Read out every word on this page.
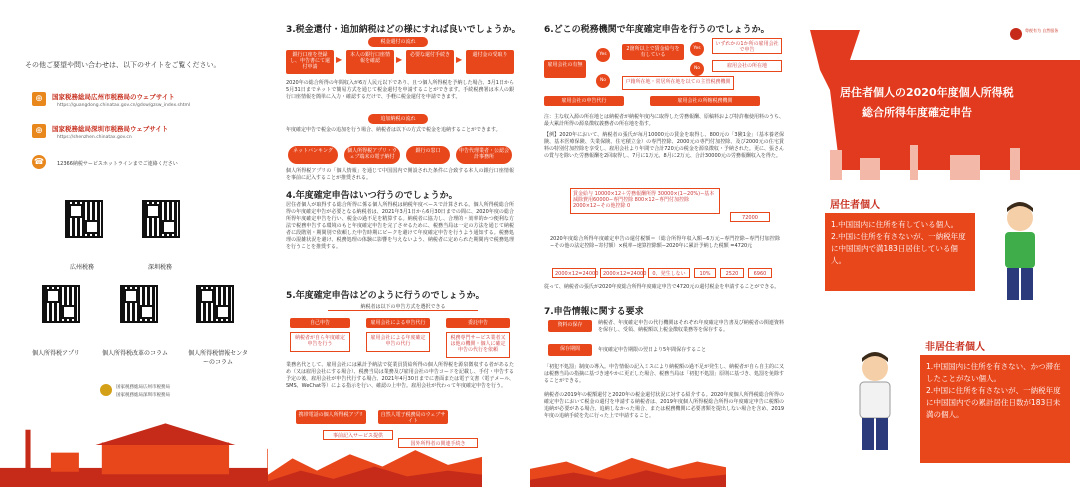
その他ご要望や問い合わせは、以下のサイトをご覧ください。
⊕	国家税務総局広州市税務局のウェブサイト
https://guangdong.chinatax.gov.cn/gdsw/gzsw_index.shtml
⊕	国家税務総局深圳市税務局ウェブサイト
https://shenzhen.chinatax.gov.cn
☎	12366納税サービスホットラインまでご連絡ください
広州税務	深圳税務
個人所得税アプリ	個人所得税改革のコラム	個人所得税情報センターのコラム
国家税務総局広州市税務局
国家税務総局深圳市税務局
3.税金還付・追加納税はどの様にすれば良いでしょうか。
税金還付の流れ
銀行口座を登録し、申告書にて還付申請
▶	本人の銀行口座情報を確認	▶	必要な還付手続き ▶	還付金の受取り
2020年の総合所得の年間収入が6万人民元以下であり、且つ個人所得税を予納した場合、3月1日から5月31日までネットで簡易方式を通じて税金還付を申請することができます。手続税務署は本人の銀行口座情報を簡単に入力・確認するだけで、手軽に税金還付を申請できます。
追加納税の流れ
年度確定申告で税金の追加を行う場合、納税者は以下の方式で税金を追納することができます。
ネットバンキング	個人所得税アプリ・ウェブ端末の電子納付
銀行の窓口	申告代理業者・公認会計事務所
個人所得税アプリの「個人情報」を通じて中国国内で開設された条件に合致する本人の銀行口座情報を事前に記入することが推奨される。
4.年度確定申告はいつ行うのでしょうか。
居住者個人が取得する総合所得に係る個人所得税は納税年度ベースで計算される。個人所得税総合所得の年度確定申告が必要となる納税者は、2021年3月1日から6月30日までの間に、2020年度の総合所得年度確定申告を行い、税金の過不足を精算する。納税者に協力し、合理的・効率的かつ便利な方法で税務申告する環境のもと年度確定申告を完了させるために、税務当局は一定の方法を通じて納税者に段階別・期間別で依頼した申告時期にピークを避けて年度確定申告を行うよう通知する。税務処理の混雑状況を避け、税務処理の体験に影響を与えないよう、納税者に定められた期間内で税務処理を行うことを推奨する。
5.年度確定申告はどのように行うのでしょうか。
納税者は以下の申告方式を選択できる
自己申告	雇用会社による申告代行	委託申告
納税者が自ら年度確定申告を行う
雇用会社による年度確定申告の代行
税務専門サービス業者又は他の機関・個人に確定申告の代行を依頼
業務名代として、雇用会社には累計予納法で従業員賃給所得の個人所得税を源泉徴収する者があるため（又は雇用会社にする場合）、税務当局は業務及び雇用会社の申告コードを記載し、手付・申告する予定の後、雇用会社が申告代行する場合、2021年4月30日までに書面または電子文書（電子メール、SMS、WeChat等）による指示を行い、確認の上申告。雇用会社が代わって年度確定申告を行う。
携帯電話の個人所得税アプリ	自然人電子税務局のウェブサイト
事前記入サービス提供
国外所得者の関連手続き
6.どこの税務機関で年度確定申告を行うのでしょうか。
雇用会社の有無
Yes
No
2箇所以上で賃金給与を有している
Yes
No
いずれかの1か所の雇用会社で申告
雇用会社の所在地
戸籍所在地・常居所在地を以ての主管税務機関
雇用会社の申告代行	雇用会社の所轄税務機関
注：主な収入源の所在地とは納税者が納税年度内に取得した労務報酬、原稿料および特許権使用料のうち、最大累計所得の源泉徴収義務者の所在地を指す。
【例】2020年において、納税者の張氏が毎月10000元の賃金を取得し、800元の「3険1金」（基本養老保険、基本医療保険、失業保険、住宅積立金）の専門控除、2000元の専門付加控除、及び2000元の住宅賃料の特別付加控除を享受し、雇用会社より年間で合計720元の税金を源泉徴収・予納された。更に、張さんの賞与を除いた労務報酬を2回取得し、7月に1万元、8月に2万元、合計30000元の労務報酬収入を得た。
賃金給与 10000×12＋労務報酬所得 30000×(1−20%)−基本減除費用60000−専門控除 800×12−専門付加控除 2000×12−その他控除 0
72000
2020年度総合所得年度確定申告の還付税額＝（総合所得年収入額−6万元−専門控除−専門付加控除−その他の法定控除−寄付額）×税率−速算控除額−2020年に累計予納した税額 =4720元
2000×12=24000 2000×12=24000	0、発生しない	10%	2520	6960
従って、納税者の張氏が2020年度総合所得年度確定申告で4720元の還付税金を申請することができる。
7.申告情報に関する要求
資料の保存	納税者、年度確定申告の代行機関はそれぞれ年度確定申告書及び納税者の関連資料を保存し、受領、納税額以上税金徴収業務等を保存する。
保存期間	年度確定申告期限の翌日より5年間保存すること
「初犯不処罰」制度の導入。申告情報の記入ミスにより納税額の過不足が発生し、納税者が自ら自主的に又は税務当局の指摘に基づき速やかに更正した場合、税務当局は「初犯不処罰」原則に基づき、処罰を免除することができる。
納税者の2019年の税額還付と2020年の税金還付状況に対する紹介する。2020年度個人所得税総合所得の確定申告において税金の還付を申請する納税者は、2019年度個人所得税総合所得の年度確定申告に税額の追納が必要がある場合、追納しなかった場合、または税務機関に必要書類を提出しない場合を含め、2019年度の追納手続を先に行った上で申請すること。
粤税有为 自然服务
居住者個人の2020年度個人所得税
総合所得年度確定申告
居住者個人
1.中国国内に住所を有している個人。
2.中国に住所を有さないが、一納税年度に中国国内で満183日居住している個人。
非居住者個人
1.中国国内に住所を有さない、かつ滞在したことがない個人。
2.中国に住所を有さないが、一納税年度に中国国内での累計居住日数が183日未満の個人。
